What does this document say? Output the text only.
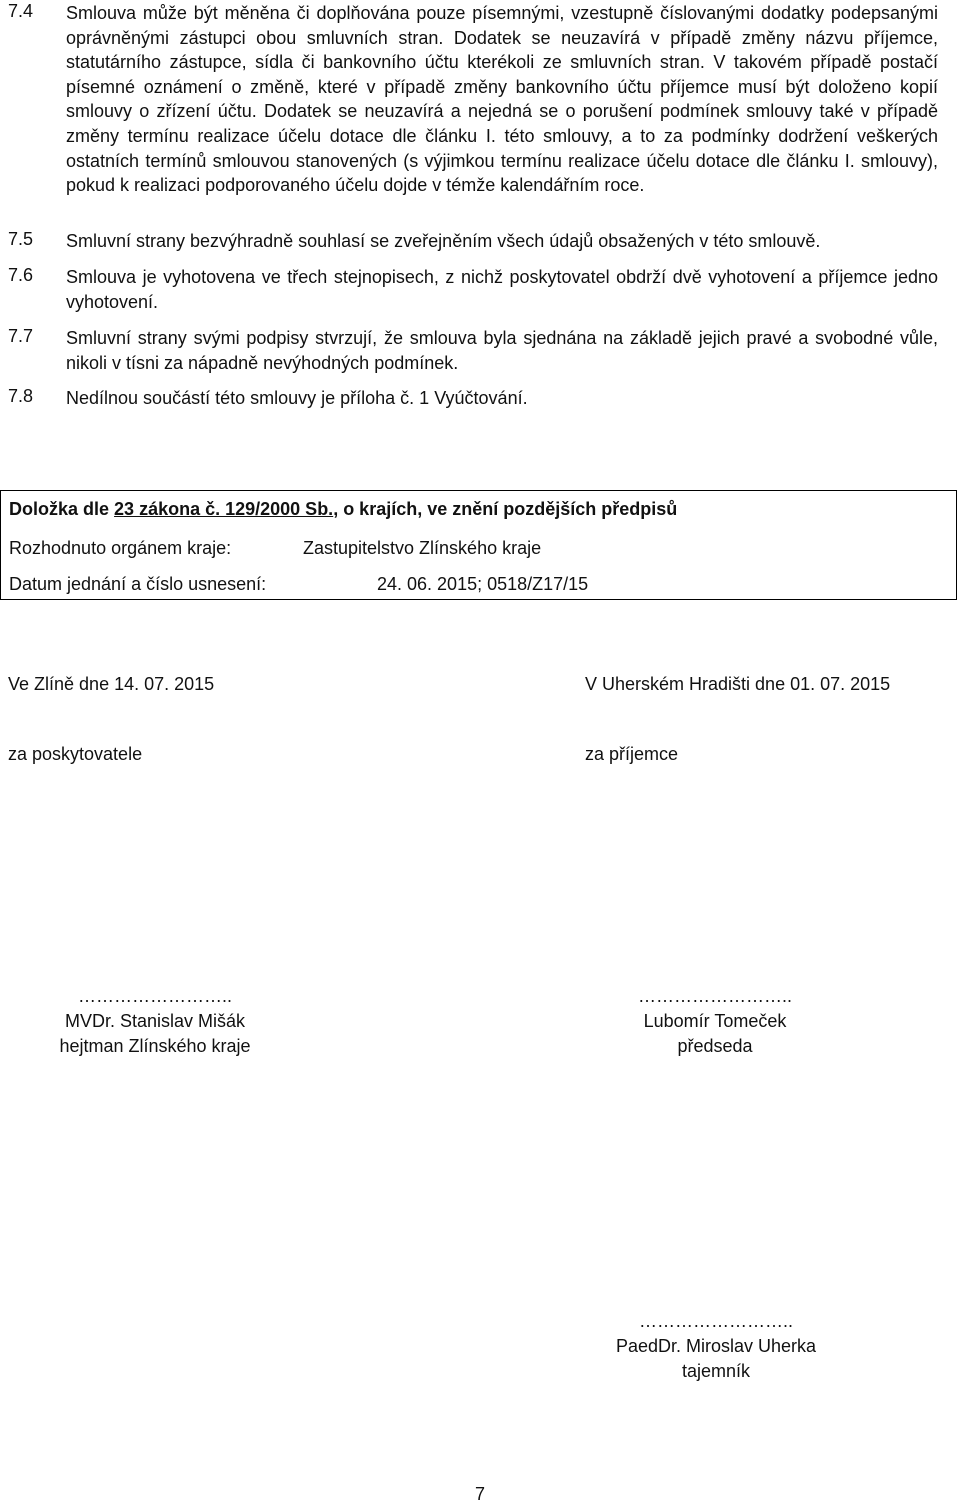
7.4	Smlouva může být měněna či doplňována pouze písemnými, vzestupně číslovanými dodatky podepsanými oprávněnými zástupci obou smluvních stran. Dodatek se neuzavírá v případě změny názvu příjemce, statutárního zástupce, sídla či bankovního účtu kterékoli ze smluvních stran. V takovém případě postačí písemné oznámení o změně, které v případě změny bankovního účtu příjemce musí být doloženo kopií smlouvy o zřízení účtu. Dodatek se neuzavírá a nejedná se o porušení podmínek smlouvy také v případě změny termínu realizace účelu dotace dle článku I. této smlouvy, a to za podmínky dodržení veškerých ostatních termínů smlouvou stanovených (s výjimkou termínu realizace účelu dotace dle článku I. smlouvy), pokud k realizaci podporovaného účelu dojde v témže kalendářním roce.
7.5	Smluvní strany bezvýhradně souhlasí se zveřejněním všech údajů obsažených v této smlouvě.
7.6	Smlouva je vyhotovena ve třech stejnopisech, z nichž poskytovatel obdrží dvě vyhotovení a příjemce jedno vyhotovení.
7.7	Smluvní strany svými podpisy stvrzují, že smlouva byla sjednána na základě jejich pravé a svobodné vůle, nikoli v tísni za nápadně nevýhodných podmínek.
7.8	Nedílnou součástí této smlouvy je příloha č. 1 Vyúčtování.
Doložka dle 23 zákona č. 129/2000 Sb., o krajích, ve znění pozdějších předpisů
Rozhodnuto orgánem kraje:	Zastupitelstvo Zlínského kraje
Datum jednání a číslo usnesení:	24. 06. 2015; 0518/Z17/15
Ve Zlíně dne 14. 07. 2015	V Uherském Hradišti dne 01. 07. 2015
za poskytovatele	za příjemce
……………………..
MVDr. Stanislav Mišák
hejtman Zlínského kraje
……………………..
Lubomír Tomeček
předseda
……………………..
PaedDr. Miroslav Uherka
tajemník
7
